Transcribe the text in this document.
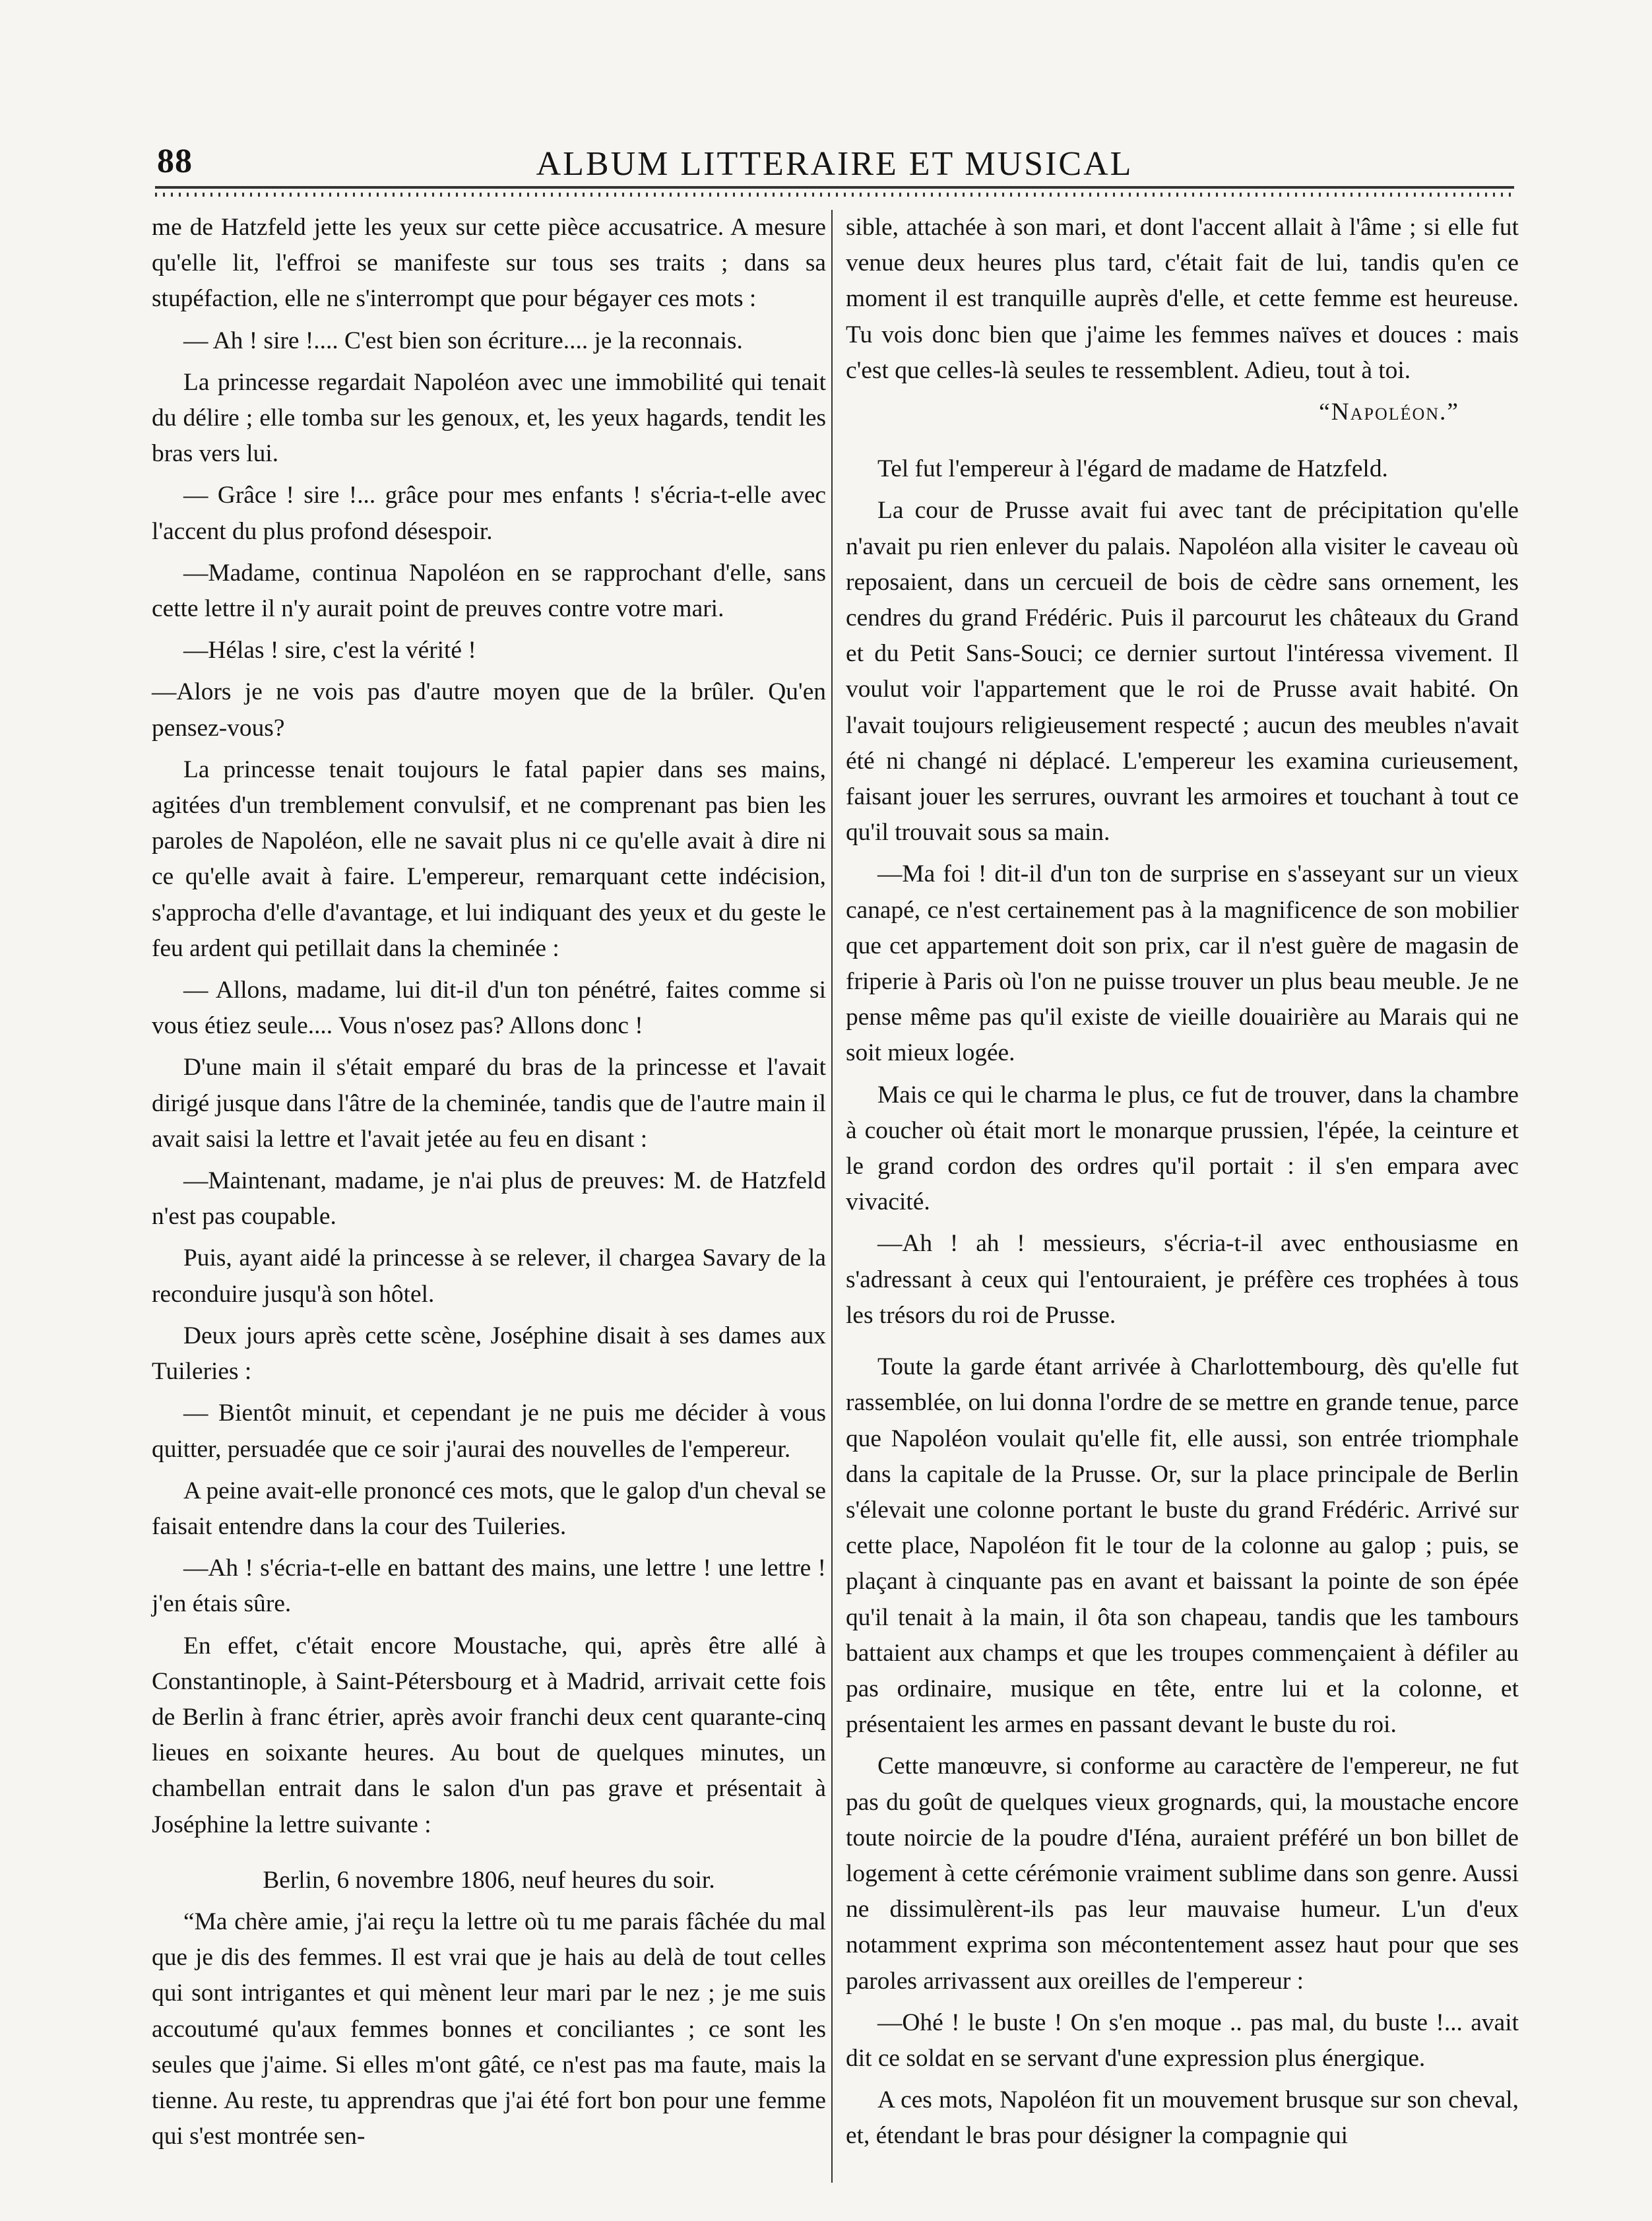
88	ALBUM LITTERAIRE ET MUSICAL

me de Hatzfeld jette les yeux sur cette pièce accusatrice. A mesure qu'elle lit, l'effroi se manifeste sur tous ses traits ; dans sa stupéfaction, elle ne s'interrompt que pour bégayer ces mots :

— Ah ! sire !.... C'est bien son écriture.... je la reconnais.

La princesse regardait Napoléon avec une immobilité qui tenait du délire ; elle tomba sur les genoux, et, les yeux hagards, tendit les bras vers lui.

— Grâce ! sire !... grâce pour mes enfants ! s'écria-t-elle avec l'accent du plus profond désespoir.

—Madame, continua Napoléon en se rapprochant d'elle, sans cette lettre il n'y aurait point de preuves contre votre mari.

—Hélas ! sire, c'est la vérité !

—Alors je ne vois pas d'autre moyen que de la brûler. Qu'en pensez-vous?

La princesse tenait toujours le fatal papier dans ses mains, agitées d'un tremblement convulsif, et ne comprenant pas bien les paroles de Napoléon, elle ne savait plus ni ce qu'elle avait à dire ni ce qu'elle avait à faire. L'empereur, remarquant cette indécision, s'approcha d'elle d'avantage, et lui indiquant des yeux et du geste le feu ardent qui petillait dans la cheminée :

— Allons, madame, lui dit-il d'un ton pénétré, faites comme si vous étiez seule.... Vous n'osez pas? Allons donc !

D'une main il s'était emparé du bras de la princesse et l'avait dirigé jusque dans l'âtre de la cheminée, tandis que de l'autre main il avait saisi la lettre et l'avait jetée au feu en disant :

—Maintenant, madame, je n'ai plus de preuves: M. de Hatzfeld n'est pas coupable.

Puis, ayant aidé la princesse à se relever, il chargea Savary de la reconduire jusqu'à son hôtel.

Deux jours après cette scène, Joséphine disait à ses dames aux Tuileries :

— Bientôt minuit, et cependant je ne puis me décider à vous quitter, persuadée que ce soir j'aurai des nouvelles de l'empereur.

A peine avait-elle prononcé ces mots, que le galop d'un cheval se faisait entendre dans la cour des Tuileries.

—Ah ! s'écria-t-elle en battant des mains, une lettre ! une lettre ! j'en étais sûre.

En effet, c'était encore Moustache, qui, après être allé à Constantinople, à Saint-Pétersbourg et à Madrid, arrivait cette fois de Berlin à franc étrier, après avoir franchi deux cent quarante-cinq lieues en soixante heures. Au bout de quelques minutes, un chambellan entrait dans le salon d'un pas grave et présentait à Joséphine la lettre suivante :

Berlin, 6 novembre 1806, neuf heures du soir.

“Ma chère amie, j'ai reçu la lettre où tu me parais fâchée du mal que je dis des femmes. Il est vrai que je hais au delà de tout celles qui sont intrigantes et qui mènent leur mari par le nez ; je me suis accoutumé qu'aux femmes bonnes et conciliantes ; ce sont les seules que j'aime. Si elles m'ont gâté, ce n'est pas ma faute, mais la tienne. Au reste, tu apprendras que j'ai été fort bon pour une femme qui s'est montrée sen-

sible, attachée à son mari, et dont l'accent allait à l'âme ; si elle fut venue deux heures plus tard, c'était fait de lui, tandis qu'en ce moment il est tranquille auprès d'elle, et cette femme est heureuse. Tu vois donc bien que j'aime les femmes naïves et douces : mais c'est que celles-là seules te ressemblent. Adieu, tout à toi.

“Napoléon.”

Tel fut l'empereur à l'égard de madame de Hatzfeld.

La cour de Prusse avait fui avec tant de précipitation qu'elle n'avait pu rien enlever du palais. Napoléon alla visiter le caveau où reposaient, dans un cercueil de bois de cèdre sans ornement, les cendres du grand Frédéric. Puis il parcourut les châteaux du Grand et du Petit Sans-Souci; ce dernier surtout l'intéressa vivement. Il voulut voir l'appartement que le roi de Prusse avait habité. On l'avait toujours religieusement respecté ; aucun des meubles n'avait été ni changé ni déplacé. L'empereur les examina curieusement, faisant jouer les serrures, ouvrant les armoires et touchant à tout ce qu'il trouvait sous sa main.

—Ma foi ! dit-il d'un ton de surprise en s'asseyant sur un vieux canapé, ce n'est certainement pas à la magnificence de son mobilier que cet appartement doit son prix, car il n'est guère de magasin de friperie à Paris où l'on ne puisse trouver un plus beau meuble. Je ne pense même pas qu'il existe de vieille douairière au Marais qui ne soit mieux logée.

Mais ce qui le charma le plus, ce fut de trouver, dans la chambre à coucher où était mort le monarque prussien, l'épée, la ceinture et le grand cordon des ordres qu'il portait : il s'en empara avec vivacité.

—Ah ! ah ! messieurs, s'écria-t-il avec enthousiasme en s'adressant à ceux qui l'entouraient, je préfère ces trophées à tous les trésors du roi de Prusse.

Toute la garde étant arrivée à Charlottembourg, dès qu'elle fut rassemblée, on lui donna l'ordre de se mettre en grande tenue, parce que Napoléon voulait qu'elle fit, elle aussi, son entrée triomphale dans la capitale de la Prusse. Or, sur la place principale de Berlin s'élevait une colonne portant le buste du grand Frédéric. Arrivé sur cette place, Napoléon fit le tour de la colonne au galop ; puis, se plaçant à cinquante pas en avant et baissant la pointe de son épée qu'il tenait à la main, il ôta son chapeau, tandis que les tambours battaient aux champs et que les troupes commençaient à défiler au pas ordinaire, musique en tête, entre lui et la colonne, et présentaient les armes en passant devant le buste du roi.

Cette manœuvre, si conforme au caractère de l'empereur, ne fut pas du goût de quelques vieux grognards, qui, la moustache encore toute noircie de la poudre d'Iéna, auraient préféré un bon billet de logement à cette cérémonie vraiment sublime dans son genre. Aussi ne dissimulèrent-ils pas leur mauvaise humeur. L'un d'eux notamment exprima son mécontentement assez haut pour que ses paroles arrivassent aux oreilles de l'empereur :

—Ohé ! le buste ! On s'en moque .. pas mal, du buste !... avait dit ce soldat en se servant d'une expression plus énergique.

A ces mots, Napoléon fit un mouvement brusque sur son cheval, et, étendant le bras pour désigner la compagnie qui
